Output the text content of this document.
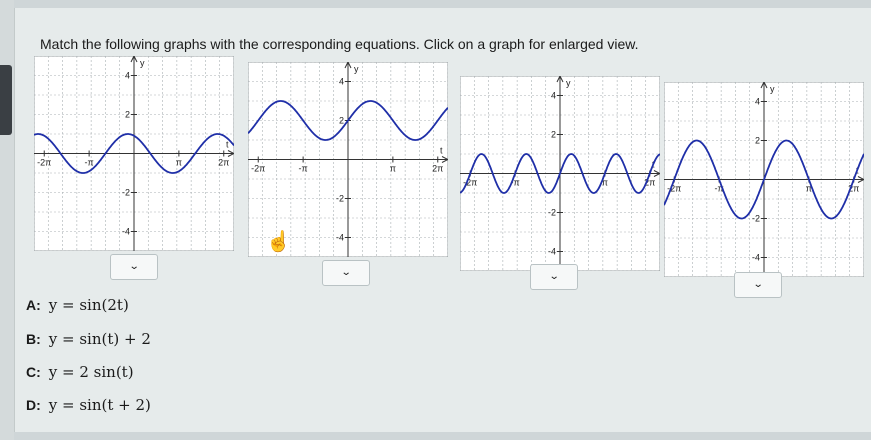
Match the following graphs with the corresponding equations. Click on a graph for enlarged view.
4
2
-2
-4
-2π	-π	π	2π
y
t
4
2
-2
-4
-2π	-π	π	2π
y
t
4
2
-2
-4
-2π	-π	π	2π
y
t
4
2
-2
-4
-2π	-π	π	2π
y
t
⌄
⌄	⌄
⌄
☝
A: y = sin(2t)
B: y = sin(t) + 2
C: y = 2 sin(t)
D: y = sin(t + 2)
